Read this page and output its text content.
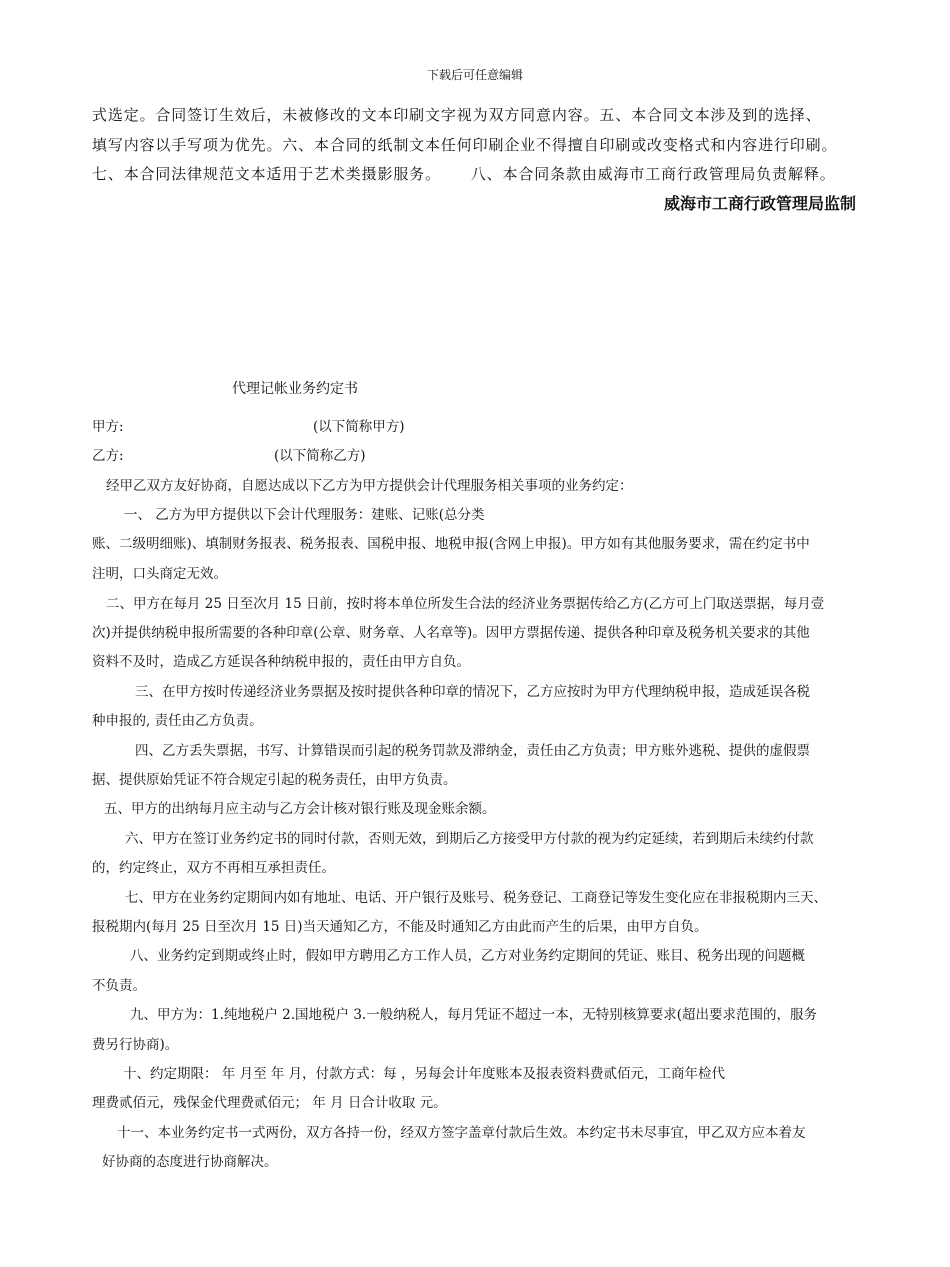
下载后可任意编辑
式选定。合同签订生效后，未被修改的文本印刷文字视为双方同意内容。五、本合同文本涉及到的选择、
填写内容以手写项为优先。六、本合同的纸制文本任何印刷企业不得擅自印刷或改变格式和内容进行印刷。
七、本合同法律规范文本适用于艺术类摄影服务。 八、本合同条款由威海市工商行政管理局负责解释。
威海市工商行政管理局监制
代理记帐业务约定书
甲方:	(以下简称甲方)
乙方:	(以下简称乙方)
经甲乙双方友好协商，自愿达成以下乙方为甲方提供会计代理服务相关事项的业务约定：
一、 乙方为甲方提供以下会计代理服务：建账、记账(总分类
账、二级明细账)、填制财务报表、税务报表、国税申报、地税申报(含网上申报)。甲方如有其他服务要求，需在约定书中
注明，口头商定无效。
二、甲方在每月 25 日至次月 15 日前，按时将本单位所发生合法的经济业务票据传给乙方(乙方可上门取送票据，每月壹
次)并提供纳税申报所需要的各种印章(公章、财务章、人名章等)。因甲方票据传递、提供各种印章及税务机关要求的其他
资料不及时，造成乙方延误各种纳税申报的，责任由甲方自负。
三、在甲方按时传递经济业务票据及按时提供各种印章的情况下，乙方应按时为甲方代理纳税申报，造成延误各税
种申报的, 责任由乙方负责。
四、乙方丢失票据，书写、计算错误而引起的税务罚款及滞纳金，责任由乙方负责；甲方账外逃税、提供的虚假票
据、提供原始凭证不符合规定引起的税务责任，由甲方负责。
五、甲方的出纳每月应主动与乙方会计核对银行账及现金账余额。
六、甲方在签订业务约定书的同时付款，否则无效，到期后乙方接受甲方付款的视为约定延续，若到期后未续约付款
的，约定终止，双方不再相互承担责任。
七、甲方在业务约定期间内如有地址、电话、开户银行及账号、税务登记、工商登记等发生变化应在非报税期内三天、
报税期内(每月 25 日至次月 15 日)当天通知乙方，不能及时通知乙方由此而产生的后果，由甲方自负。
八、业务约定到期或终止时，假如甲方聘用乙方工作人员，乙方对业务约定期间的凭证、账目、税务出现的问题概
不负责。
九、甲方为：1.纯地税户 2.国地税户 3.一般纳税人，每月凭证不超过一本，无特别核算要求(超出要求范围的，服务
费另行协商)。
十、约定期限： 年 月至 年 月，付款方式：每 ，另每会计年度账本及报表资料费贰佰元，工商年检代
理费贰佰元，残保金代理费贰佰元； 年 月 日合计收取 元。
十一、本业务约定书一式两份，双方各持一份，经双方签字盖章付款后生效。本约定书未尽事宜，甲乙双方应本着友
好协商的态度进行协商解决。
